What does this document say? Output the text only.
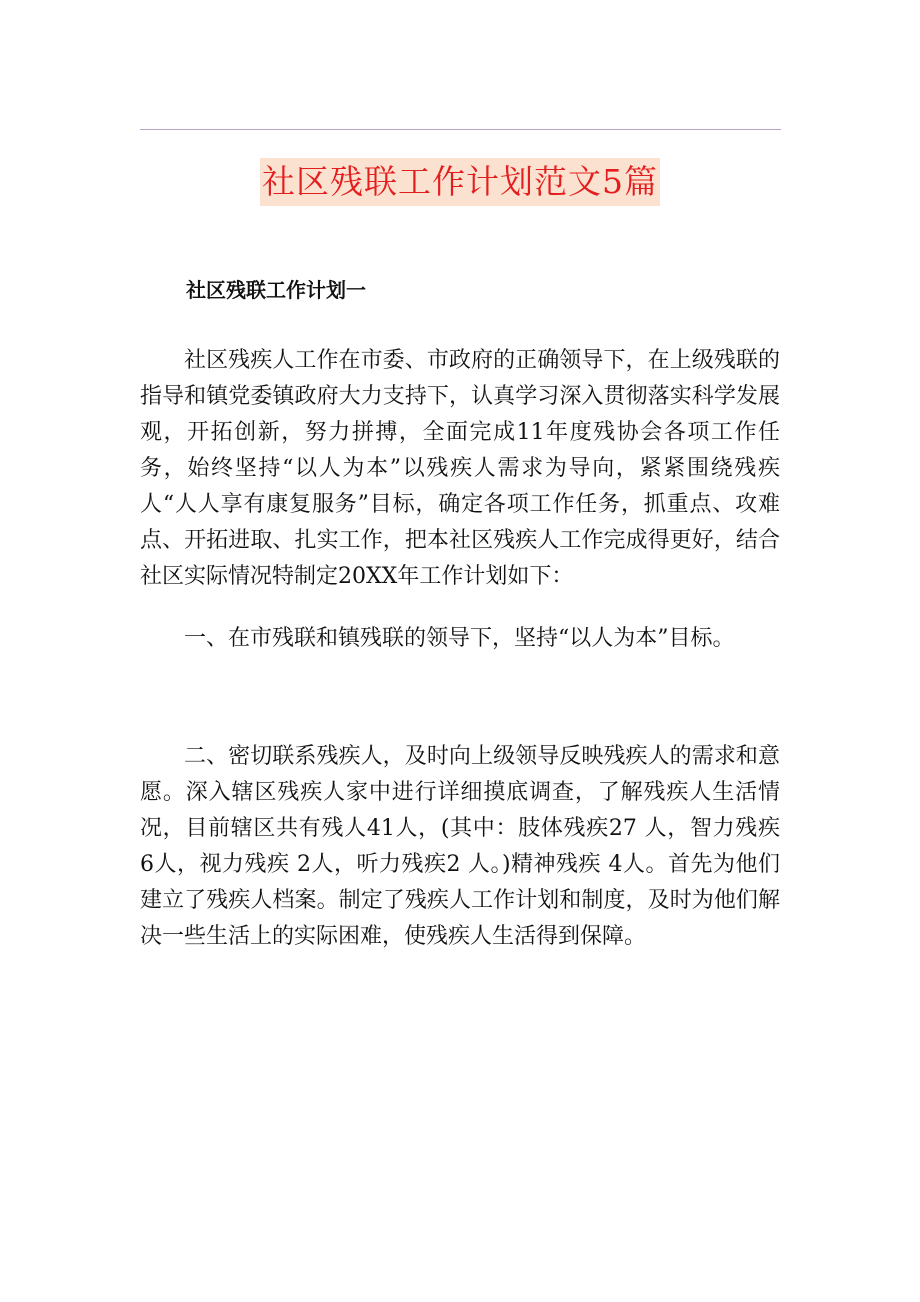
社区残联工作计划范文5篇

社区残联工作计划一

社区残疾人工作在市委、市政府的正确领导下，在上级残联的指导和镇党委镇政府大力支持下，认真学习深入贯彻落实科学发展观，开拓创新，努力拼搏，全面完成11年度残协会各项工作任务，始终坚持“以人为本”以残疾人需求为导向，紧紧围绕残疾人“人人享有康复服务”目标，确定各项工作任务，抓重点、攻难点、开拓进取、扎实工作，把本社区残疾人工作完成得更好，结合社区实际情况特制定20XX年工作计划如下：

一、在市残联和镇残联的领导下，坚持“以人为本”目标。

二、密切联系残疾人，及时向上级领导反映残疾人的需求和意愿。深入辖区残疾人家中进行详细摸底调查，了解残疾人生活情况，目前辖区共有残人41人，(其中：肢体残疾27 人，智力残疾 6人，视力残疾 2人，听力残疾2 人。)精神残疾 4人。首先为他们建立了残疾人档案。制定了残疾人工作计划和制度，及时为他们解决一些生活上的实际困难，使残疾人生活得到保障。
